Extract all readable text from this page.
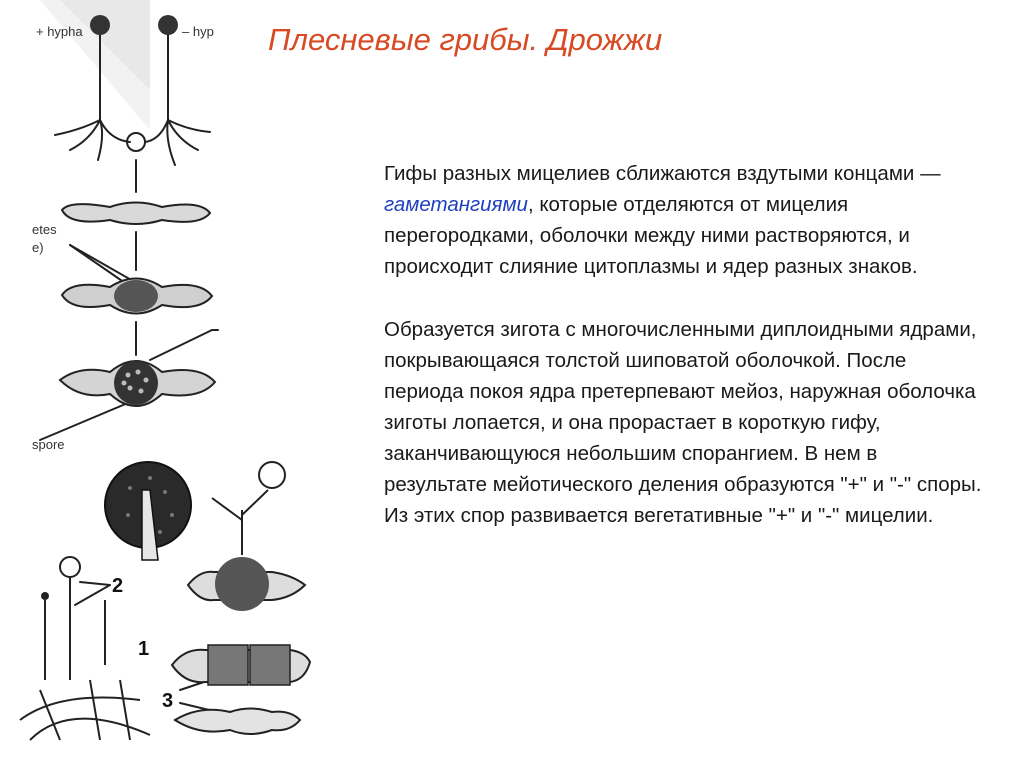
Плесневые грибы. Дрожжи

Гифы разных мицелиев сближаются вздутыми концами — гаметангиями, которые отделяются от мицелия перегородками, оболочки между ними растворяются, и происходит слияние цитоплазмы и ядер разных знаков.

Образуется зигота с многочисленными диплоидными ядрами, покрывающаяся толстой шиповатой оболочкой. После периода покоя ядра претерпевают мейоз, наружная оболочка зиготы лопается, и она прорастает в короткую гифу, заканчивающуюся небольшим спорангием. В нем в результате мейотического деления образуются "+" и "-" споры. Из этих спор развивается вегетативные "+" и "-" мицелии.

+ hypha	– hyp
etes
e)
spore
2
1
3
